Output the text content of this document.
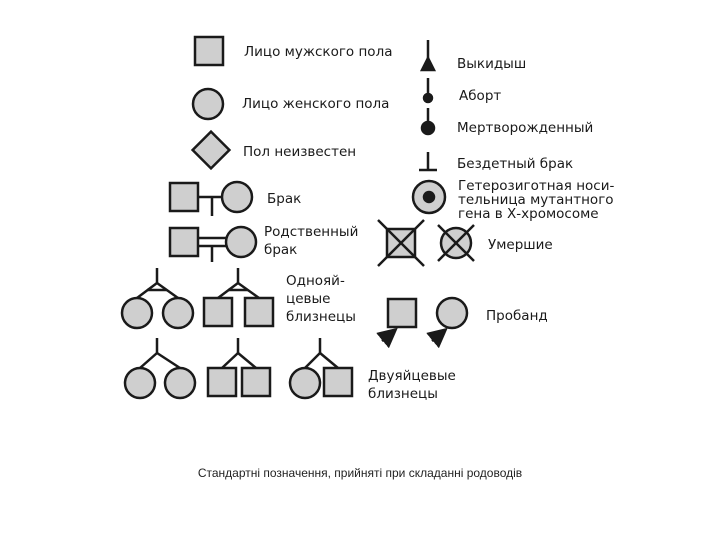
Лицо мужского пола
Лицо женского пола
Пол неизвестен
Брак
Родственный
брак
Однояй-
цевые
близнецы
Двуяйцевые
близнецы
Выкидыш
Аборт
Мертворожденный
Бездетный брак
Гетерозиготная носи-
тельница мутантного
гена в Х-хромосоме
Умершие
Пробанд
Стандартні позначення, прийняті при складанні родоводів
